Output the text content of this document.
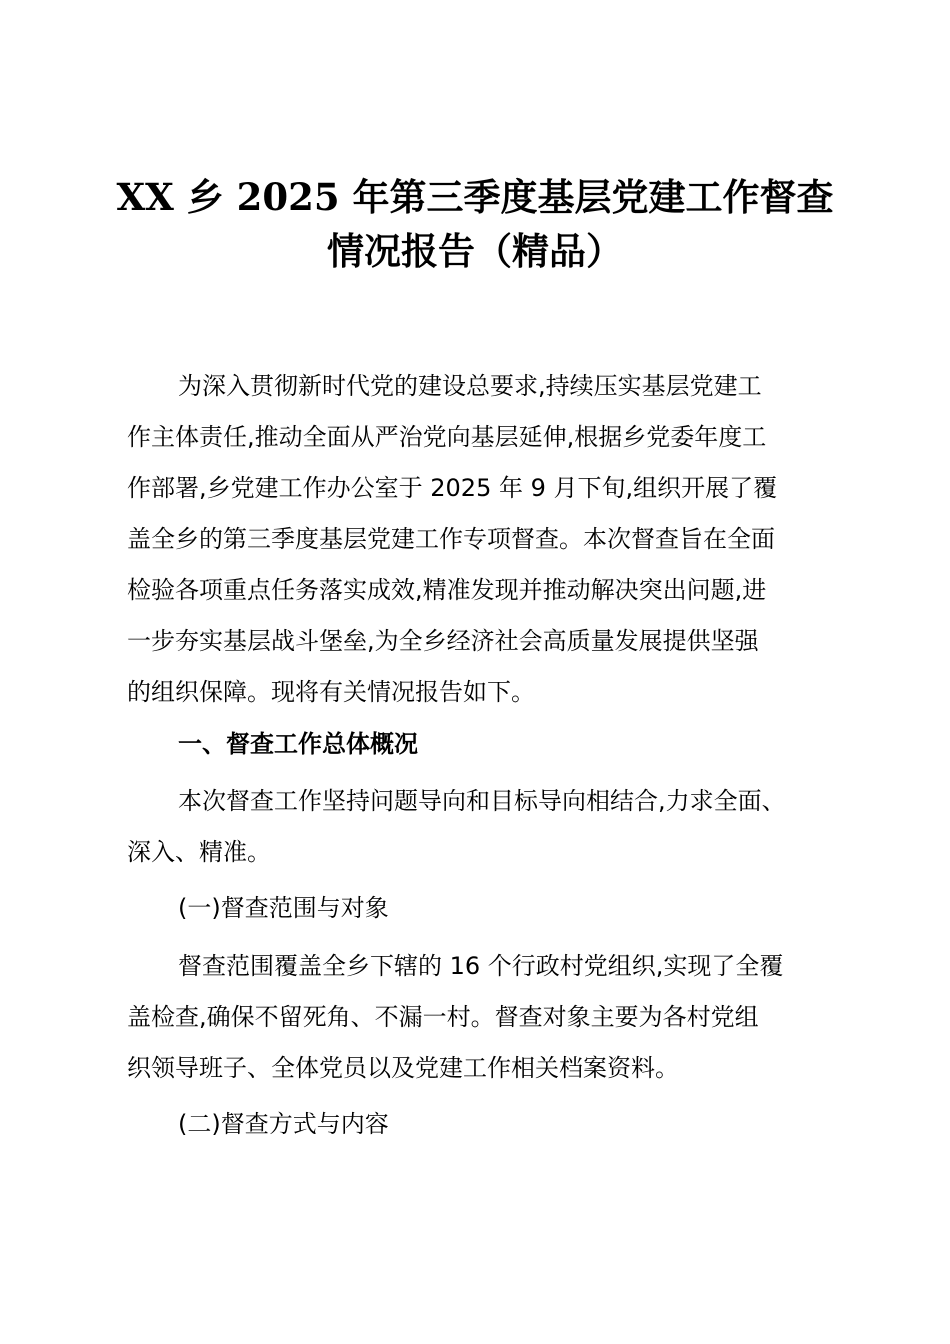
XX 乡 2025 年第三季度基层党建工作督查
情况报告（精品）

为深入贯彻新时代党的建设总要求,持续压实基层党建工

作主体责任,推动全面从严治党向基层延伸,根据乡党委年度工

作部署,乡党建工作办公室于 2025 年 9 月下旬,组织开展了覆

盖全乡的第三季度基层党建工作专项督查。本次督查旨在全面

检验各项重点任务落实成效,精准发现并推动解决突出问题,进

一步夯实基层战斗堡垒,为全乡经济社会高质量发展提供坚强

的组织保障。现将有关情况报告如下。

一、督查工作总体概况

本次督查工作坚持问题导向和目标导向相结合,力求全面、

深入、精准。

(一)督查范围与对象

督查范围覆盖全乡下辖的 16 个行政村党组织,实现了全覆

盖检查,确保不留死角、不漏一村。督查对象主要为各村党组

织领导班子、全体党员以及党建工作相关档案资料。

(二)督查方式与内容
